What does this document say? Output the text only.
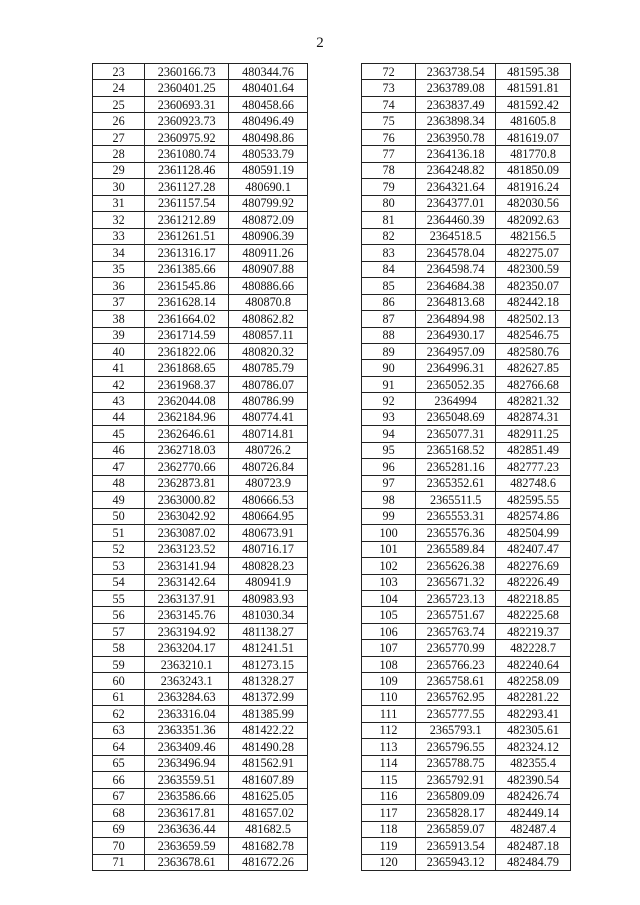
2
23	2360166.73	480344.76
24	2360401.25	480401.64
25	2360693.31	480458.66
26	2360923.73	480496.49
27	2360975.92	480498.86
28	2361080.74	480533.79
29	2361128.46	480591.19
30	2361127.28	480690.1
31	2361157.54	480799.92
32	2361212.89	480872.09
33	2361261.51	480906.39
34	2361316.17	480911.26
35	2361385.66	480907.88
36	2361545.86	480886.66
37	2361628.14	480870.8
38	2361664.02	480862.82
39	2361714.59	480857.11
40	2361822.06	480820.32
41	2361868.65	480785.79
42	2361968.37	480786.07
43	2362044.08	480786.99
44	2362184.96	480774.41
45	2362646.61	480714.81
46	2362718.03	480726.2
47	2362770.66	480726.84
48	2362873.81	480723.9
49	2363000.82	480666.53
50	2363042.92	480664.95
51	2363087.02	480673.91
52	2363123.52	480716.17
53	2363141.94	480828.23
54	2363142.64	480941.9
55	2363137.91	480983.93
56	2363145.76	481030.34
57	2363194.92	481138.27
58	2363204.17	481241.51
59	2363210.1	481273.15
60	2363243.1	481328.27
61	2363284.63	481372.99
62	2363316.04	481385.99
63	2363351.36	481422.22
64	2363409.46	481490.28
65	2363496.94	481562.91
66	2363559.51	481607.89
67	2363586.66	481625.05
68	2363617.81	481657.02
69	2363636.44	481682.5
70	2363659.59	481682.78
71	2363678.61	481672.26
72	2363738.54	481595.38
73	2363789.08	481591.81
74	2363837.49	481592.42
75	2363898.34	481605.8
76	2363950.78	481619.07
77	2364136.18	481770.8
78	2364248.82	481850.09
79	2364321.64	481916.24
80	2364377.01	482030.56
81	2364460.39	482092.63
82	2364518.5	482156.5
83	2364578.04	482275.07
84	2364598.74	482300.59
85	2364684.38	482350.07
86	2364813.68	482442.18
87	2364894.98	482502.13
88	2364930.17	482546.75
89	2364957.09	482580.76
90	2364996.31	482627.85
91	2365052.35	482766.68
92	2364994	482821.32
93	2365048.69	482874.31
94	2365077.31	482911.25
95	2365168.52	482851.49
96	2365281.16	482777.23
97	2365352.61	482748.6
98	2365511.5	482595.55
99	2365553.31	482574.86
100	2365576.36	482504.99
101	2365589.84	482407.47
102	2365626.38	482276.69
103	2365671.32	482226.49
104	2365723.13	482218.85
105	2365751.67	482225.68
106	2365763.74	482219.37
107	2365770.99	482228.7
108	2365766.23	482240.64
109	2365758.61	482258.09
110	2365762.95	482281.22
111	2365777.55	482293.41
112	2365793.1	482305.61
113	2365796.55	482324.12
114	2365788.75	482355.4
115	2365792.91	482390.54
116	2365809.09	482426.74
117	2365828.17	482449.14
118	2365859.07	482487.4
119	2365913.54	482487.18
120	2365943.12	482484.79
